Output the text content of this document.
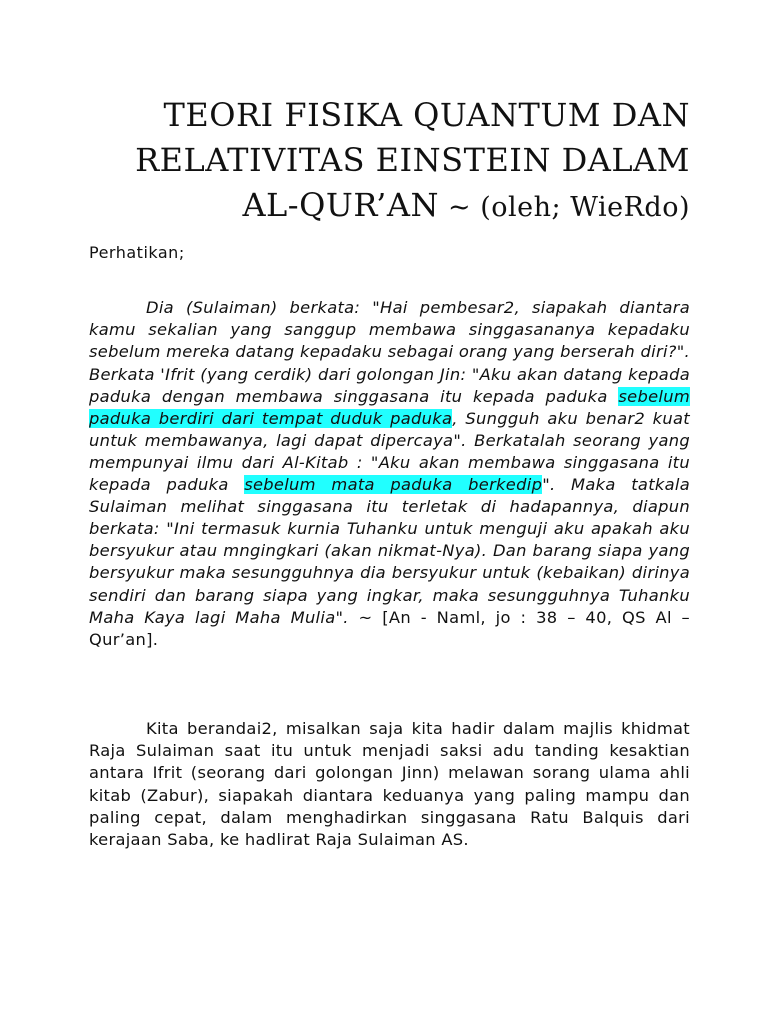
TEORI FISIKA QUANTUM DAN
RELATIVITAS EINSTEIN DALAM
AL-QUR’AN ~ (oleh; WieRdo)
Perhatikan;

Dia (Sulaiman) berkata: "Hai pembesar2, siapakah diantara kamu sekalian yang sanggup membawa singgasananya kepadaku sebelum mereka datang kepadaku sebagai orang yang berserah diri?". Berkata 'Ifrit (yang cerdik) dari golongan Jin: "Aku akan datang kepada paduka dengan membawa singgasana itu kepada paduka sebelum paduka berdiri dari tempat duduk paduka, Sungguh aku benar2 kuat untuk membawanya, lagi dapat dipercaya". Berkatalah seorang yang mempunyai ilmu dari Al-Kitab : "Aku akan membawa singgasana itu kepada paduka sebelum mata paduka berkedip". Maka tatkala Sulaiman melihat singgasana itu terletak di hadapannya, diapun berkata: "Ini termasuk kurnia Tuhanku untuk menguji aku apakah aku bersyukur atau mngingkari (akan nikmat-Nya). Dan barang siapa yang bersyukur maka sesungguhnya dia bersyukur untuk (kebaikan) dirinya sendiri dan barang siapa yang ingkar, maka sesungguhnya Tuhanku Maha Kaya lagi Maha Mulia". ~ [An - Naml, jo : 38 – 40, QS Al – Qur’an].

Kita berandai2, misalkan saja kita hadir dalam majlis khidmat Raja Sulaiman saat itu untuk menjadi saksi adu tanding kesaktian antara Ifrit (seorang dari golongan Jinn) melawan sorang ulama ahli kitab (Zabur), siapakah diantara keduanya yang paling mampu dan paling cepat, dalam menghadirkan singgasana Ratu Balquis dari kerajaan Saba, ke hadlirat Raja Sulaiman AS.
